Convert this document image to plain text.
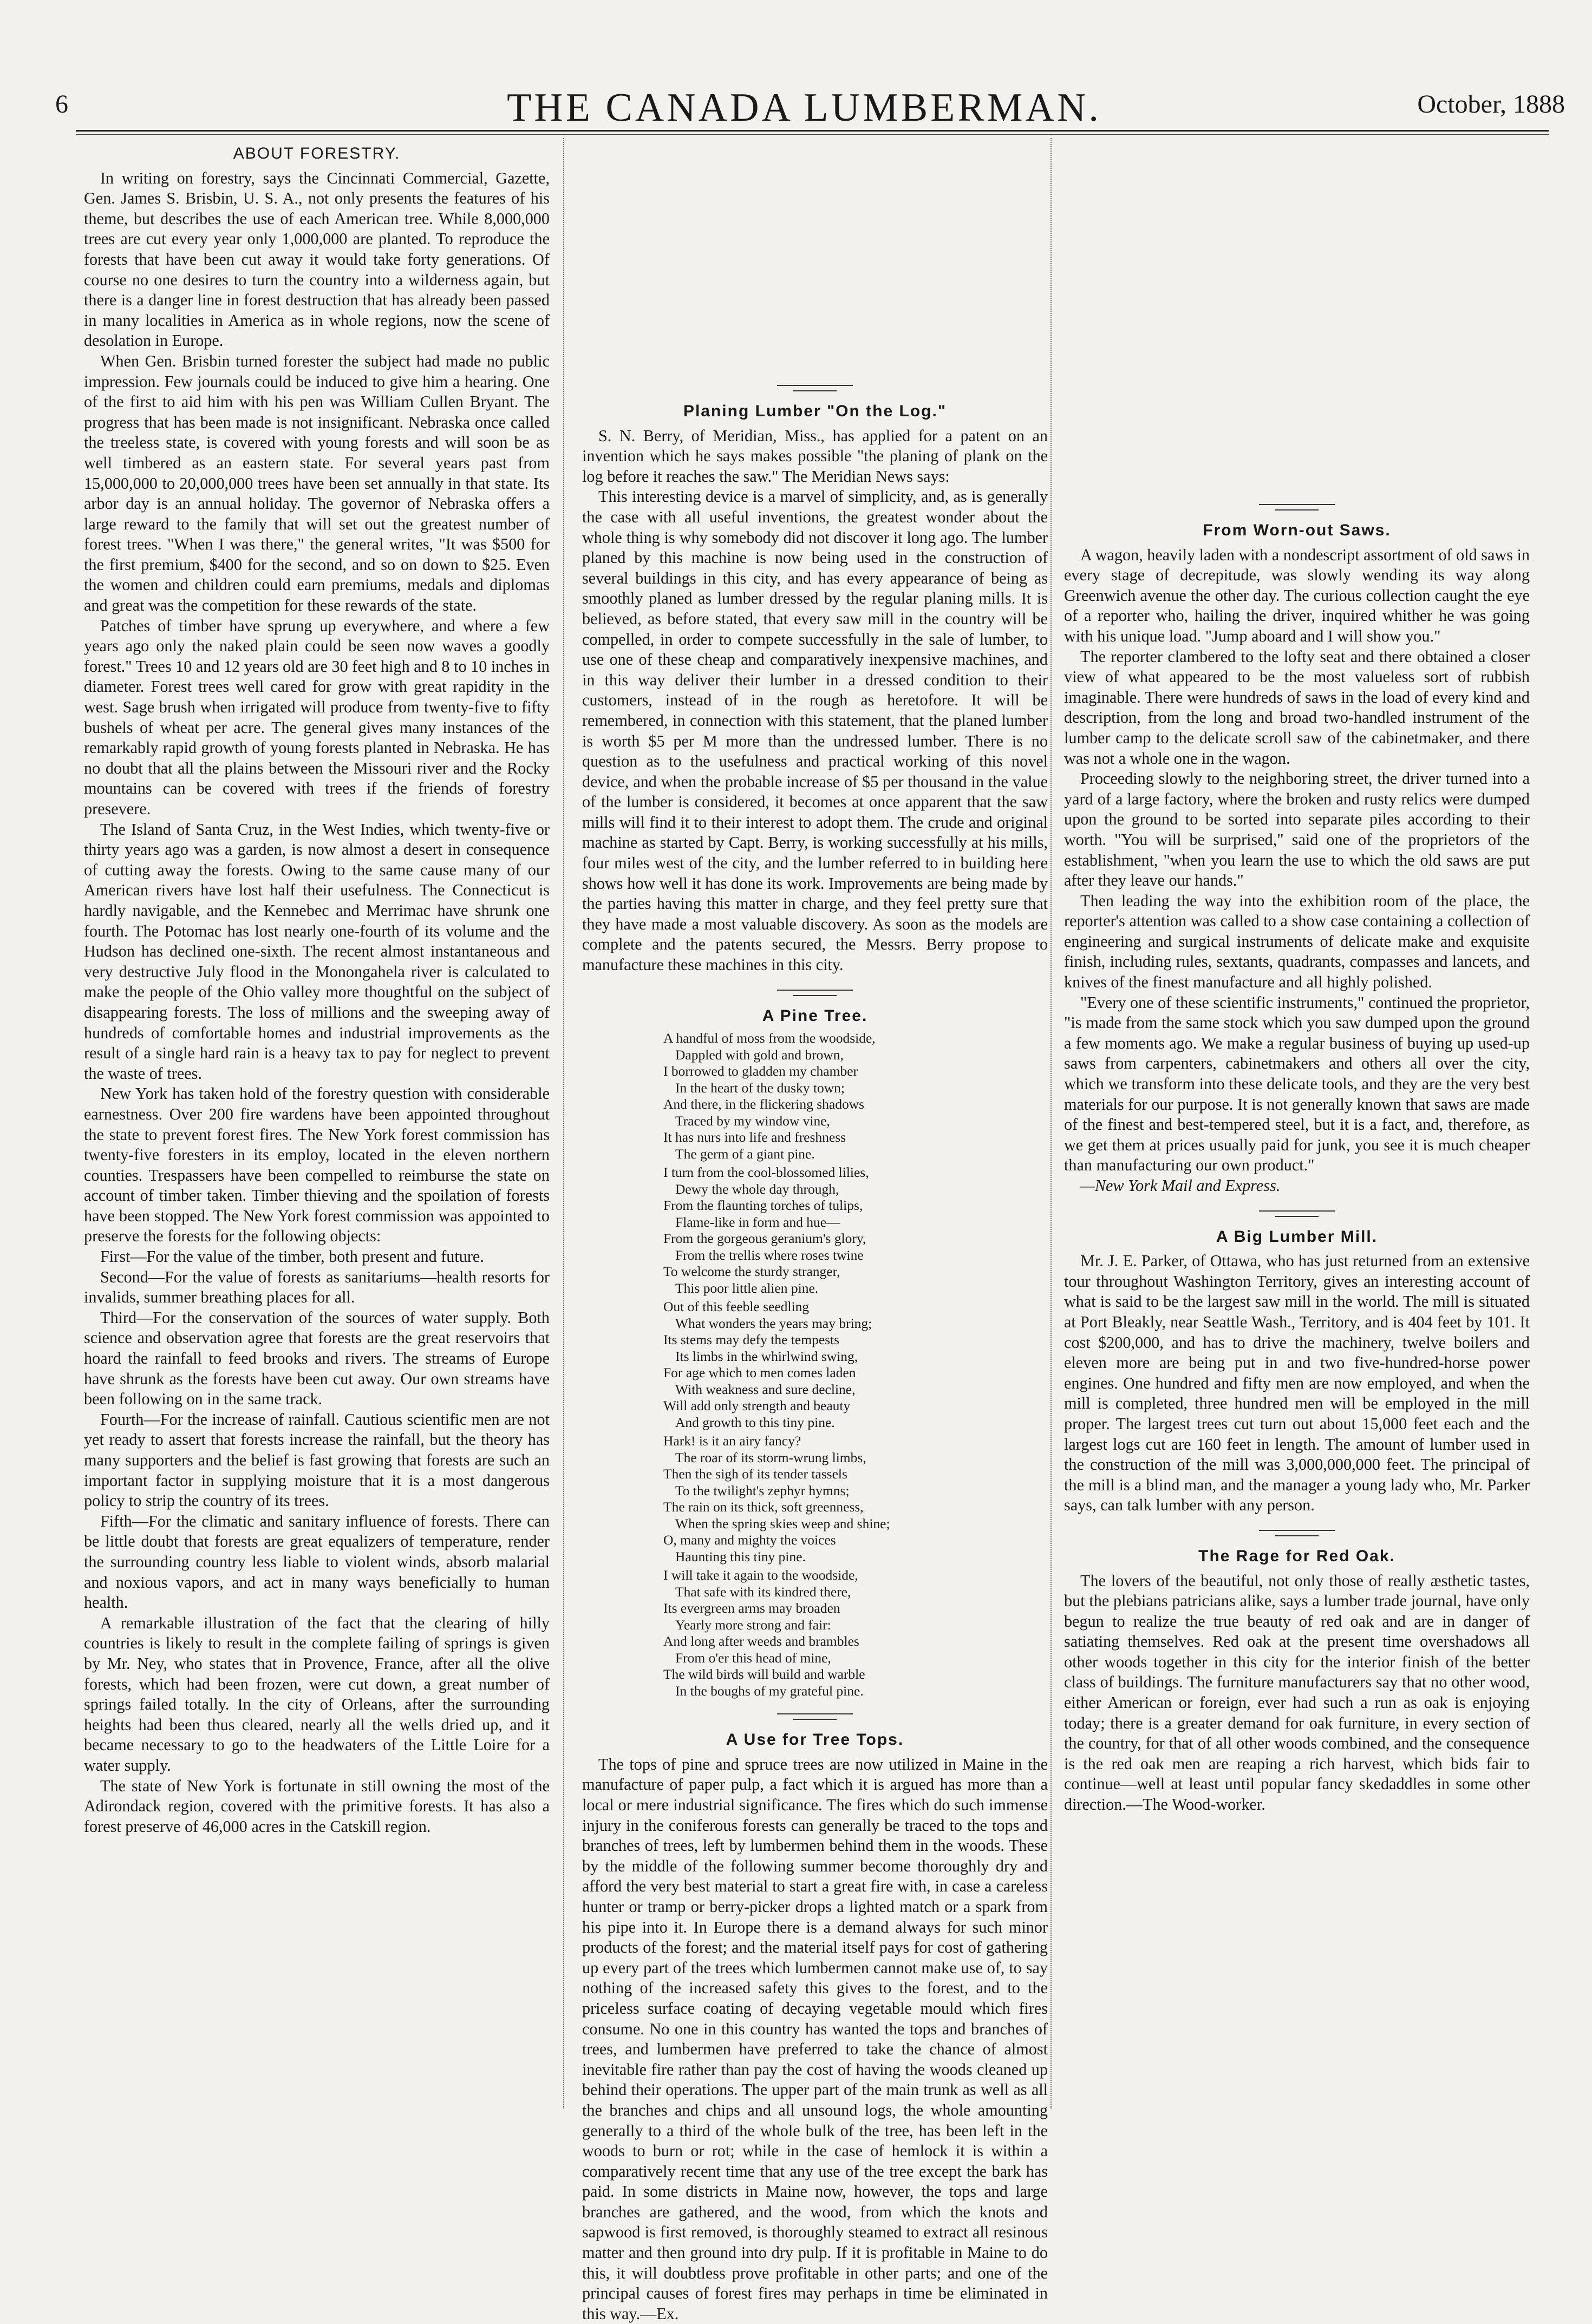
6	THE CANADA LUMBERMAN.	October, 1888
ABOUT FORESTRY.

In writing on forestry, says the Cincinnati Commercial, Gazette, Gen. James S. Brisbin, U. S. A., not only presents the features of his theme, but describes the use of each American tree. While 8,000,000 trees are cut every year only 1,000,000 are planted. To reproduce the forests that have been cut away it would take forty generations. Of course no one desires to turn the country into a wilderness again, but there is a danger line in forest destruction that has already been passed in many localities in America as in whole regions, now the scene of desolation in Europe.

When Gen. Brisbin turned forester the subject had made no public impression. Few journals could be induced to give him a hearing. One of the first to aid him with his pen was William Cullen Bryant. The progress that has been made is not insignificant. Nebraska once called the treeless state, is covered with young forests and will soon be as well timbered as an eastern state. For several years past from 15,000,000 to 20,000,000 trees have been set annually in that state. Its arbor day is an annual holiday. The governor of Nebraska offers a large reward to the family that will set out the greatest number of forest trees. "When I was there," the general writes, "It was $500 for the first premium, $400 for the second, and so on down to $25. Even the women and children could earn premiums, medals and diplomas and great was the competition for these rewards of the state.

Patches of timber have sprung up everywhere, and where a few years ago only the naked plain could be seen now waves a goodly forest." Trees 10 and 12 years old are 30 feet high and 8 to 10 inches in diameter. Forest trees well cared for grow with great rapidity in the west. Sage brush when irrigated will produce from twenty-five to fifty bushels of wheat per acre. The general gives many instances of the remarkably rapid growth of young forests planted in Nebraska. He has no doubt that all the plains between the Missouri river and the Rocky mountains can be covered with trees if the friends of forestry presevere.

The Island of Santa Cruz, in the West Indies, which twenty-five or thirty years ago was a garden, is now almost a desert in consequence of cutting away the forests. Owing to the same cause many of our American rivers have lost half their usefulness. The Connecticut is hardly navigable, and the Kennebec and Merrimac have shrunk one fourth. The Potomac has lost nearly one-fourth of its volume and the Hudson has declined one-sixth. The recent almost instantaneous and very destructive July flood in the Monongahela river is calculated to make the people of the Ohio valley more thoughtful on the subject of disappearing forests. The loss of millions and the sweeping away of hundreds of comfortable homes and industrial improvements as the result of a single hard rain is a heavy tax to pay for neglect to prevent the waste of trees.

New York has taken hold of the forestry question with considerable earnestness. Over 200 fire wardens have been appointed throughout the state to prevent forest fires. The New York forest commission has twenty-five foresters in its employ, located in the eleven northern counties. Trespassers have been compelled to reimburse the state on account of timber taken. Timber thieving and the spoilation of forests have been stopped. The New York forest commission was appointed to preserve the forests for the following objects:

First—For the value of the timber, both present and future.

Second—For the value of forests as sanitariums—health resorts for invalids, summer breathing places for all.

Third—For the conservation of the sources of water supply. Both science and observation agree that forests are the great reservoirs that hoard the rainfall to feed brooks and rivers. The streams of Europe have shrunk as the forests have been cut away. Our own streams have been following on in the same track.

Fourth—For the increase of rainfall. Cautious scientific men are not yet ready to assert that forests increase the rainfall, but the theory has many supporters and the belief is fast growing that forests are such an important factor in supplying moisture that it is a most dangerous policy to strip the country of its trees.

Fifth—For the climatic and sanitary influence of forests. There can be little doubt that forests are great equalizers of temperature, render the surrounding country less liable to violent winds, absorb malarial and noxious vapors, and act in many ways beneficially to human health.

A remarkable illustration of the fact that the clearing of hilly countries is likely to result in the complete failing of springs is given by Mr. Ney, who states that in Provence, France, after all the olive forests, which had been frozen, were cut down, a great number of springs failed totally. In the city of Orleans, after the surrounding heights had been thus cleared, nearly all the wells dried up, and it became necessary to go to the headwaters of the Little Loire for a water supply.

The state of New York is fortunate in still owning the most of the Adirondack region, covered with the primitive forests. It has also a forest preserve of 46,000 acres in the Catskill region.

Planing Lumber "On the Log."

S. N. Berry, of Meridian, Miss., has applied for a patent on an invention which he says makes possible "the planing of plank on the log before it reaches the saw." The Meridian News says:

This interesting device is a marvel of simplicity, and, as is generally the case with all useful inventions, the greatest wonder about the whole thing is why somebody did not discover it long ago. The lumber planed by this machine is now being used in the construction of several buildings in this city, and has every appearance of being as smoothly planed as lumber dressed by the regular planing mills. It is believed, as before stated, that every saw mill in the country will be compelled, in order to compete successfully in the sale of lumber, to use one of these cheap and comparatively inexpensive machines, and in this way deliver their lumber in a dressed condition to their customers, instead of in the rough as heretofore. It will be remembered, in connection with this statement, that the planed lumber is worth $5 per M more than the undressed lumber. There is no question as to the usefulness and practical working of this novel device, and when the probable increase of $5 per thousand in the value of the lumber is considered, it becomes at once apparent that the saw mills will find it to their interest to adopt them. The crude and original machine as started by Capt. Berry, is working successfully at his mills, four miles west of the city, and the lumber referred to in building here shows how well it has done its work. Improvements are being made by the parties having this matter in charge, and they feel pretty sure that they have made a most valuable discovery. As soon as the models are complete and the patents secured, the Messrs. Berry propose to manufacture these machines in this city.

A Pine Tree.
A handful of moss from the woodside,
Dappled with gold and brown,
I borrowed to gladden my chamber
In the heart of the dusky town;
And there, in the flickering shadows
Traced by my window vine,
It has nurs into life and freshness
The germ of a giant pine.
I turn from the cool-blossomed lilies,
Dewy the whole day through,
From the flaunting torches of tulips,
Flame-like in form and hue—
From the gorgeous geranium's glory,
From the trellis where roses twine
To welcome the sturdy stranger,
This poor little alien pine.
Out of this feeble seedling
What wonders the years may bring;
Its stems may defy the tempests
Its limbs in the whirlwind swing,
For age which to men comes laden
With weakness and sure decline,
Will add only strength and beauty
And growth to this tiny pine.
Hark! is it an airy fancy?
The roar of its storm-wrung limbs,
Then the sigh of its tender tassels
To the twilight's zephyr hymns;
The rain on its thick, soft greenness,
When the spring skies weep and shine;
O, many and mighty the voices
Haunting this tiny pine.
I will take it again to the woodside,
That safe with its kindred there,
Its evergreen arms may broaden
Yearly more strong and fair:
And long after weeds and brambles
From o'er this head of mine,
The wild birds will build and warble
In the boughs of my grateful pine.
A Use for Tree Tops.

The tops of pine and spruce trees are now utilized in Maine in the manufacture of paper pulp, a fact which it is argued has more than a local or mere industrial significance. The fires which do such immense injury in the coniferous forests can generally be traced to the tops and branches of trees, left by lumbermen behind them in the woods. These by the middle of the following summer become thoroughly dry and afford the very best material to start a great fire with, in case a careless hunter or tramp or berry-picker drops a lighted match or a spark from his pipe into it. In Europe there is a demand always for such minor products of the forest; and the material itself pays for cost of gathering up every part of the trees which lumbermen cannot make use of, to say nothing of the increased safety this gives to the forest, and to the priceless surface coating of decaying vegetable mould which fires consume. No one in this country has wanted the tops and branches of trees, and lumbermen have preferred to take the chance of almost inevitable fire rather than pay the cost of having the woods cleaned up behind their operations. The upper part of the main trunk as well as all the branches and chips and all unsound logs, the whole amounting generally to a third of the whole bulk of the tree, has been left in the woods to burn or rot; while in the case of hemlock it is within a comparatively recent time that any use of the tree except the bark has paid. In some districts in Maine now, however, the tops and large branches are gathered, and the wood, from which the knots and sapwood is first removed, is thoroughly steamed to extract all resinous matter and then ground into dry pulp. If it is profitable in Maine to do this, it will doubtless prove profitable in other parts; and one of the principal causes of forest fires may perhaps in time be eliminated in this way.—Ex.

From Worn-out Saws.

A wagon, heavily laden with a nondescript assortment of old saws in every stage of decrepitude, was slowly wending its way along Greenwich avenue the other day. The curious collection caught the eye of a reporter who, hailing the driver, inquired whither he was going with his unique load. "Jump aboard and I will show you."

The reporter clambered to the lofty seat and there obtained a closer view of what appeared to be the most valueless sort of rubbish imaginable. There were hundreds of saws in the load of every kind and description, from the long and broad two-handled instrument of the lumber camp to the delicate scroll saw of the cabinetmaker, and there was not a whole one in the wagon.

Proceeding slowly to the neighboring street, the driver turned into a yard of a large factory, where the broken and rusty relics were dumped upon the ground to be sorted into separate piles according to their worth. "You will be surprised," said one of the proprietors of the establishment, "when you learn the use to which the old saws are put after they leave our hands."

Then leading the way into the exhibition room of the place, the reporter's attention was called to a show case containing a collection of engineering and surgical instruments of delicate make and exquisite finish, including rules, sextants, quadrants, compasses and lancets, and knives of the finest manufacture and all highly polished.

"Every one of these scientific instruments," continued the proprietor, "is made from the same stock which you saw dumped upon the ground a few moments ago. We make a regular business of buying up used-up saws from carpenters, cabinetmakers and others all over the city, which we transform into these delicate tools, and they are the very best materials for our purpose. It is not generally known that saws are made of the finest and best-tempered steel, but it is a fact, and, therefore, as we get them at prices usually paid for junk, you see it is much cheaper than manufacturing our own product."

—New York Mail and Express.

A Big Lumber Mill.

Mr. J. E. Parker, of Ottawa, who has just returned from an extensive tour throughout Washington Territory, gives an interesting account of what is said to be the largest saw mill in the world. The mill is situated at Port Bleakly, near Seattle Wash., Territory, and is 404 feet by 101. It cost $200,000, and has to drive the machinery, twelve boilers and eleven more are being put in and two five-hundred-horse power engines. One hundred and fifty men are now employed, and when the mill is completed, three hundred men will be employed in the mill proper. The largest trees cut turn out about 15,000 feet each and the largest logs cut are 160 feet in length. The amount of lumber used in the construction of the mill was 3,000,000,000 feet. The principal of the mill is a blind man, and the manager a young lady who, Mr. Parker says, can talk lumber with any person.

The Rage for Red Oak.

The lovers of the beautiful, not only those of really æsthetic tastes, but the plebians patricians alike, says a lumber trade journal, have only begun to realize the true beauty of red oak and are in danger of satiating themselves. Red oak at the present time overshadows all other woods together in this city for the interior finish of the better class of buildings. The furniture manufacturers say that no other wood, either American or foreign, ever had such a run as oak is enjoying today; there is a greater demand for oak furniture, in every section of the country, for that of all other woods combined, and the consequence is the red oak men are reaping a rich harvest, which bids fair to continue—well at least until popular fancy skedaddles in some other direction.—The Wood-worker.
